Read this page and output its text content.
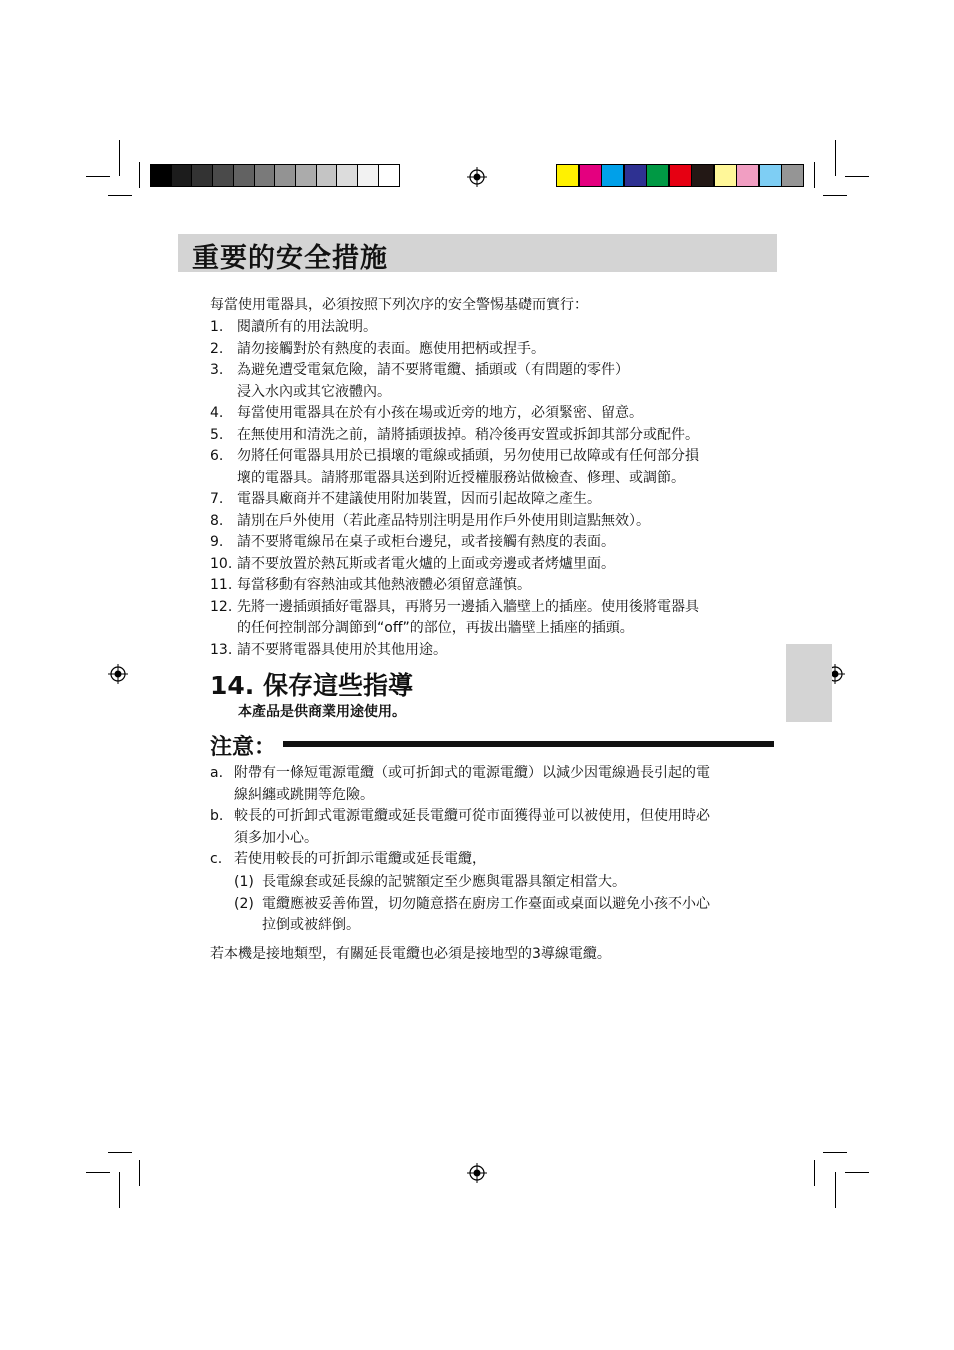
重要的安全措施
每當使用電器具，必須按照下列次序的安全警惕基礎而實行：
1. 閱讀所有的用法說明。
2. 請勿接觸對於有熱度的表面。應使用把柄或捏手。
3. 為避免遭受電氣危險，請不要將電纜、插頭或（有問題的零件）
浸入水內或其它液體內。
4. 每當使用電器具在於有小孩在場或近旁的地方，必須緊密、留意。
5. 在無使用和清洗之前，請將插頭拔掉。稍冷後再安置或拆卸其部分或配件。
6. 勿將任何電器具用於已損壞的電線或插頭，另勿使用已故障或有任何部分損
壞的電器具。請將那電器具送到附近授權服務站做檢查、修理、或調節。
7. 電器具廠商并不建議使用附加裝置，因而引起故障之產生。
8. 請別在戶外使用（若此產品特別注明是用作戶外使用則這點無效）。
9. 請不要將電線吊在桌子或柜台邊兒，或者接觸有熱度的表面。
10. 請不要放置於熱瓦斯或者電火爐的上面或旁邊或者烤爐里面。
11. 每當移動有容熱油或其他熱液體必須留意謹慎。
12. 先將一邊插頭插好電器具，再將另一邊插入牆壁上的插座。使用後將電器具
的任何控制部分調節到“off”的部位，再拔出牆壁上插座的插頭。
13. 請不要將電器具使用於其他用途。
14. 保存這些指導
本產品是供商業用途使用。
注意：
a. 附帶有一條短電源電纜（或可折卸式的電源電纜）以減少因電線過長引起的電
線糾纏或跳開等危險。
b. 較長的可折卸式電源電纜或延長電纜可從市面獲得並可以被使用，但使用時必
須多加小心。
c. 若使用較長的可折卸示電纜或延長電纜，
(1) 長電線套或延長線的記號額定至少應與電器具額定相當大。
(2) 電纜應被妥善佈置，切勿隨意搭在廚房工作臺面或桌面以避免小孩不小心
拉倒或被絆倒。
若本機是接地類型，有關延長電纜也必須是接地型的3導線電纜。
